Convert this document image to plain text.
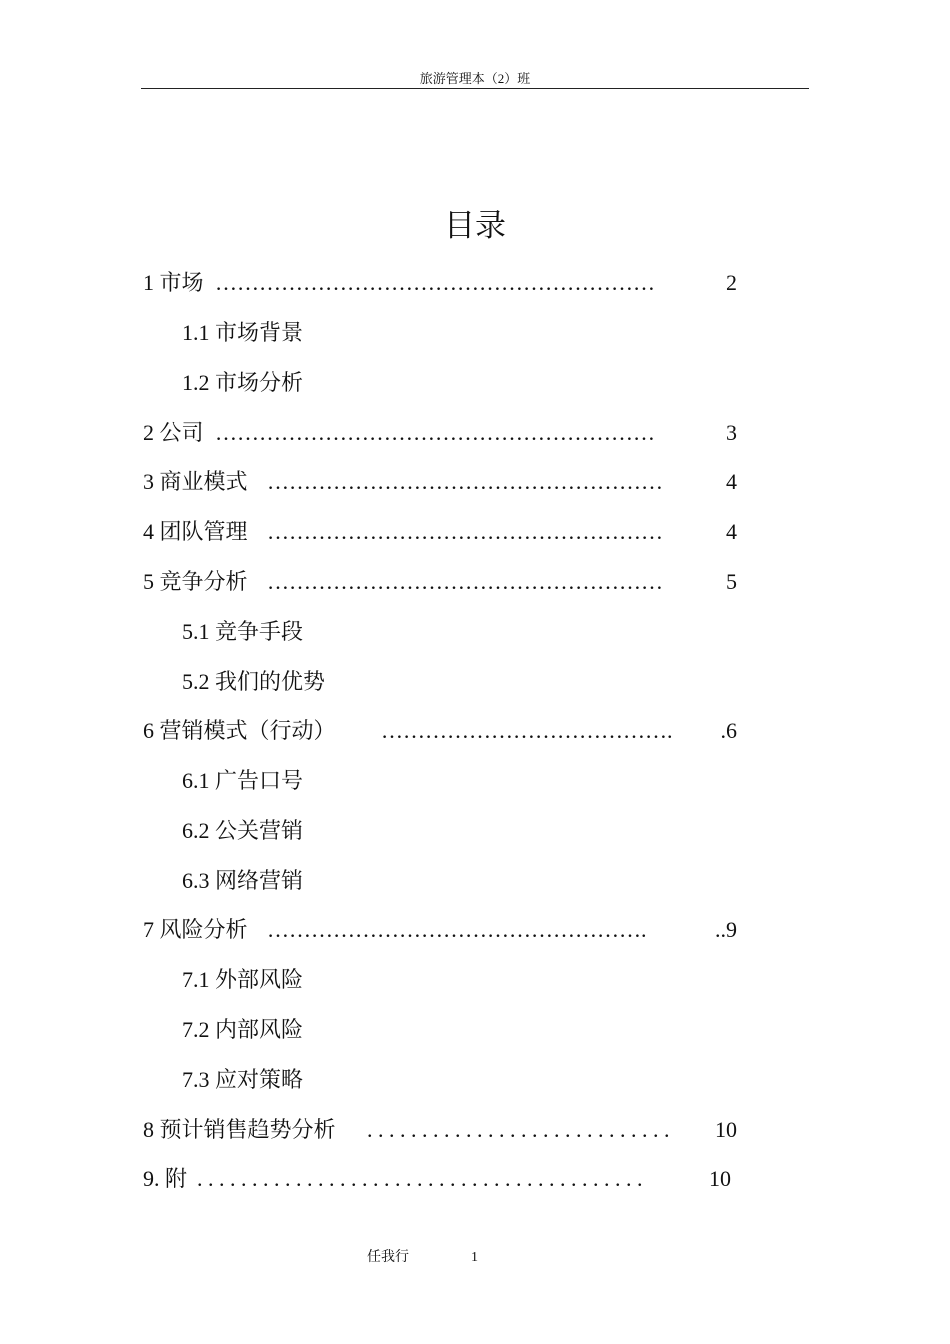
旅游管理本（2）班
目录
……………………………………………………
1 市场	2
1.1 市场背景
1.2 市场分析
……………………………………………………
2 公司	3
………………………………………………
3 商业模式	4
………………………………………………
4 团队管理	4
………………………………………………
5 竞争分析	5
5.1 竞争手段
5.2 我们的优势
………………………………….
6 营销模式（行动）	.6
6.1 广告口号
6.2 公关营销
6.3 网络营销
…………………………………………….
7 风险分析	..9
7.1 外部风险
7.2 内部风险
7.3 应对策略
. . . . . . . . . . . . . . . . . . . . . . . . . . . .
8 预计销售趋势分析	10
. . . . . . . . . . . . . . . . . . . . . . . . . . . . . . . . . . . . . . . . .
9. 附	10
任我行	1
